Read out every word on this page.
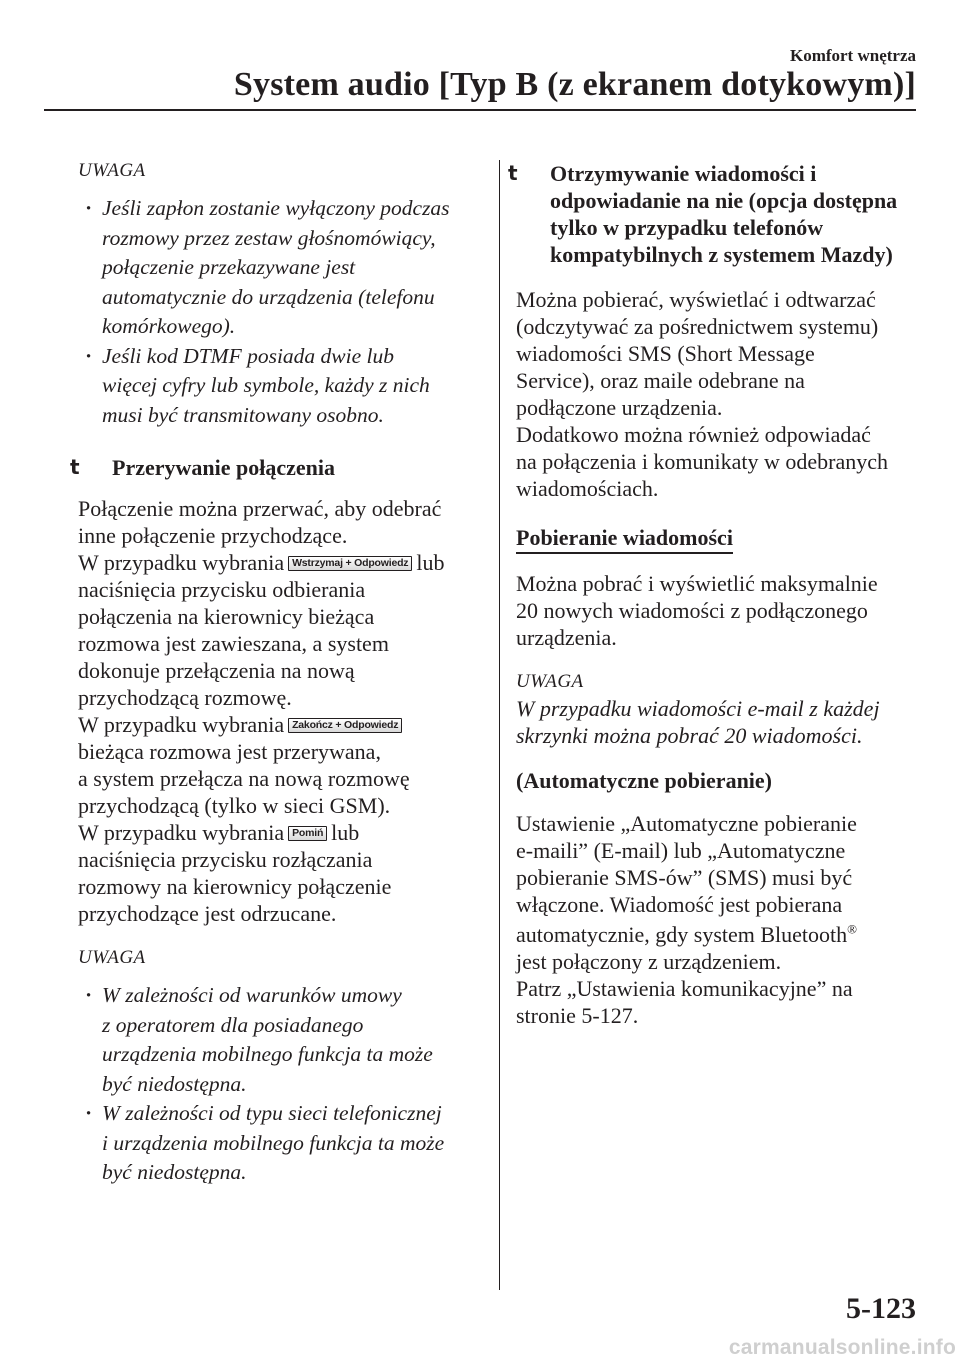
Komfort wnętrza
System audio [Typ B (z ekranem dotykowym)]
UWAGA
· Jeśli zapłon zostanie wyłączony podczas
rozmowy przez zestaw głośnomówiący,
połączenie przekazywane jest
automatycznie do urządzenia (telefonu
komórkowego).
· Jeśli kod DTMF posiada dwie lub
więcej cyfry lub symbole, każdy z nich
musi być transmitowany osobno.
t Przerywanie połączenia
Połączenie można przerwać, aby odebrać
inne połączenie przychodzące.
W przypadku wybrania Wstrzymaj + Odpowiedz lub
naciśnięcia przycisku odbierania
połączenia na kierownicy bieżąca
rozmowa jest zawieszana, a system
dokonuje przełączenia na nową
przychodzącą rozmowę.
W przypadku wybrania Zakończ + Odpowiedz
bieżąca rozmowa jest przerywana,
a system przełącza na nową rozmowę
przychodzącą (tylko w sieci GSM).
W przypadku wybrania Pomiń lub
naciśnięcia przycisku rozłączania
rozmowy na kierownicy połączenie
przychodzące jest odrzucane.
UWAGA
· W zależności od warunków umowy
z operatorem dla posiadanego
urządzenia mobilnego funkcja ta może
być niedostępna.
· W zależności od typu sieci telefonicznej
i urządzenia mobilnego funkcja ta może
być niedostępna.
t Otrzymywanie wiadomości i odpowiadanie na nie (opcja dostępna tylko w przypadku telefonów kompatybilnych z systemem Mazdy)
Można pobierać, wyświetlać i odtwarzać
(odczytywać za pośrednictwem systemu)
wiadomości SMS (Short Message
Service), oraz maile odebrane na
podłączone urządzenia.
Dodatkowo można również odpowiadać
na połączenia i komunikaty w odebranych
wiadomościach.
Pobieranie wiadomości
Można pobrać i wyświetlić maksymalnie
20 nowych wiadomości z podłączonego
urządzenia.
UWAGA
W przypadku wiadomości e-mail z każdej skrzynki można pobrać 20 wiadomości.
(Automatyczne pobieranie)
Ustawienie „Automatyczne pobieranie
e-maili” (E-mail) lub „Automatyczne
pobieranie SMS-ów” (SMS) musi być
włączone. Wiadomość jest pobierana
automatycznie, gdy system Bluetooth®
jest połączony z urządzeniem.
Patrz „Ustawienia komunikacyjne” na
stronie 5-127.
5-123
carmanualsonline.info
